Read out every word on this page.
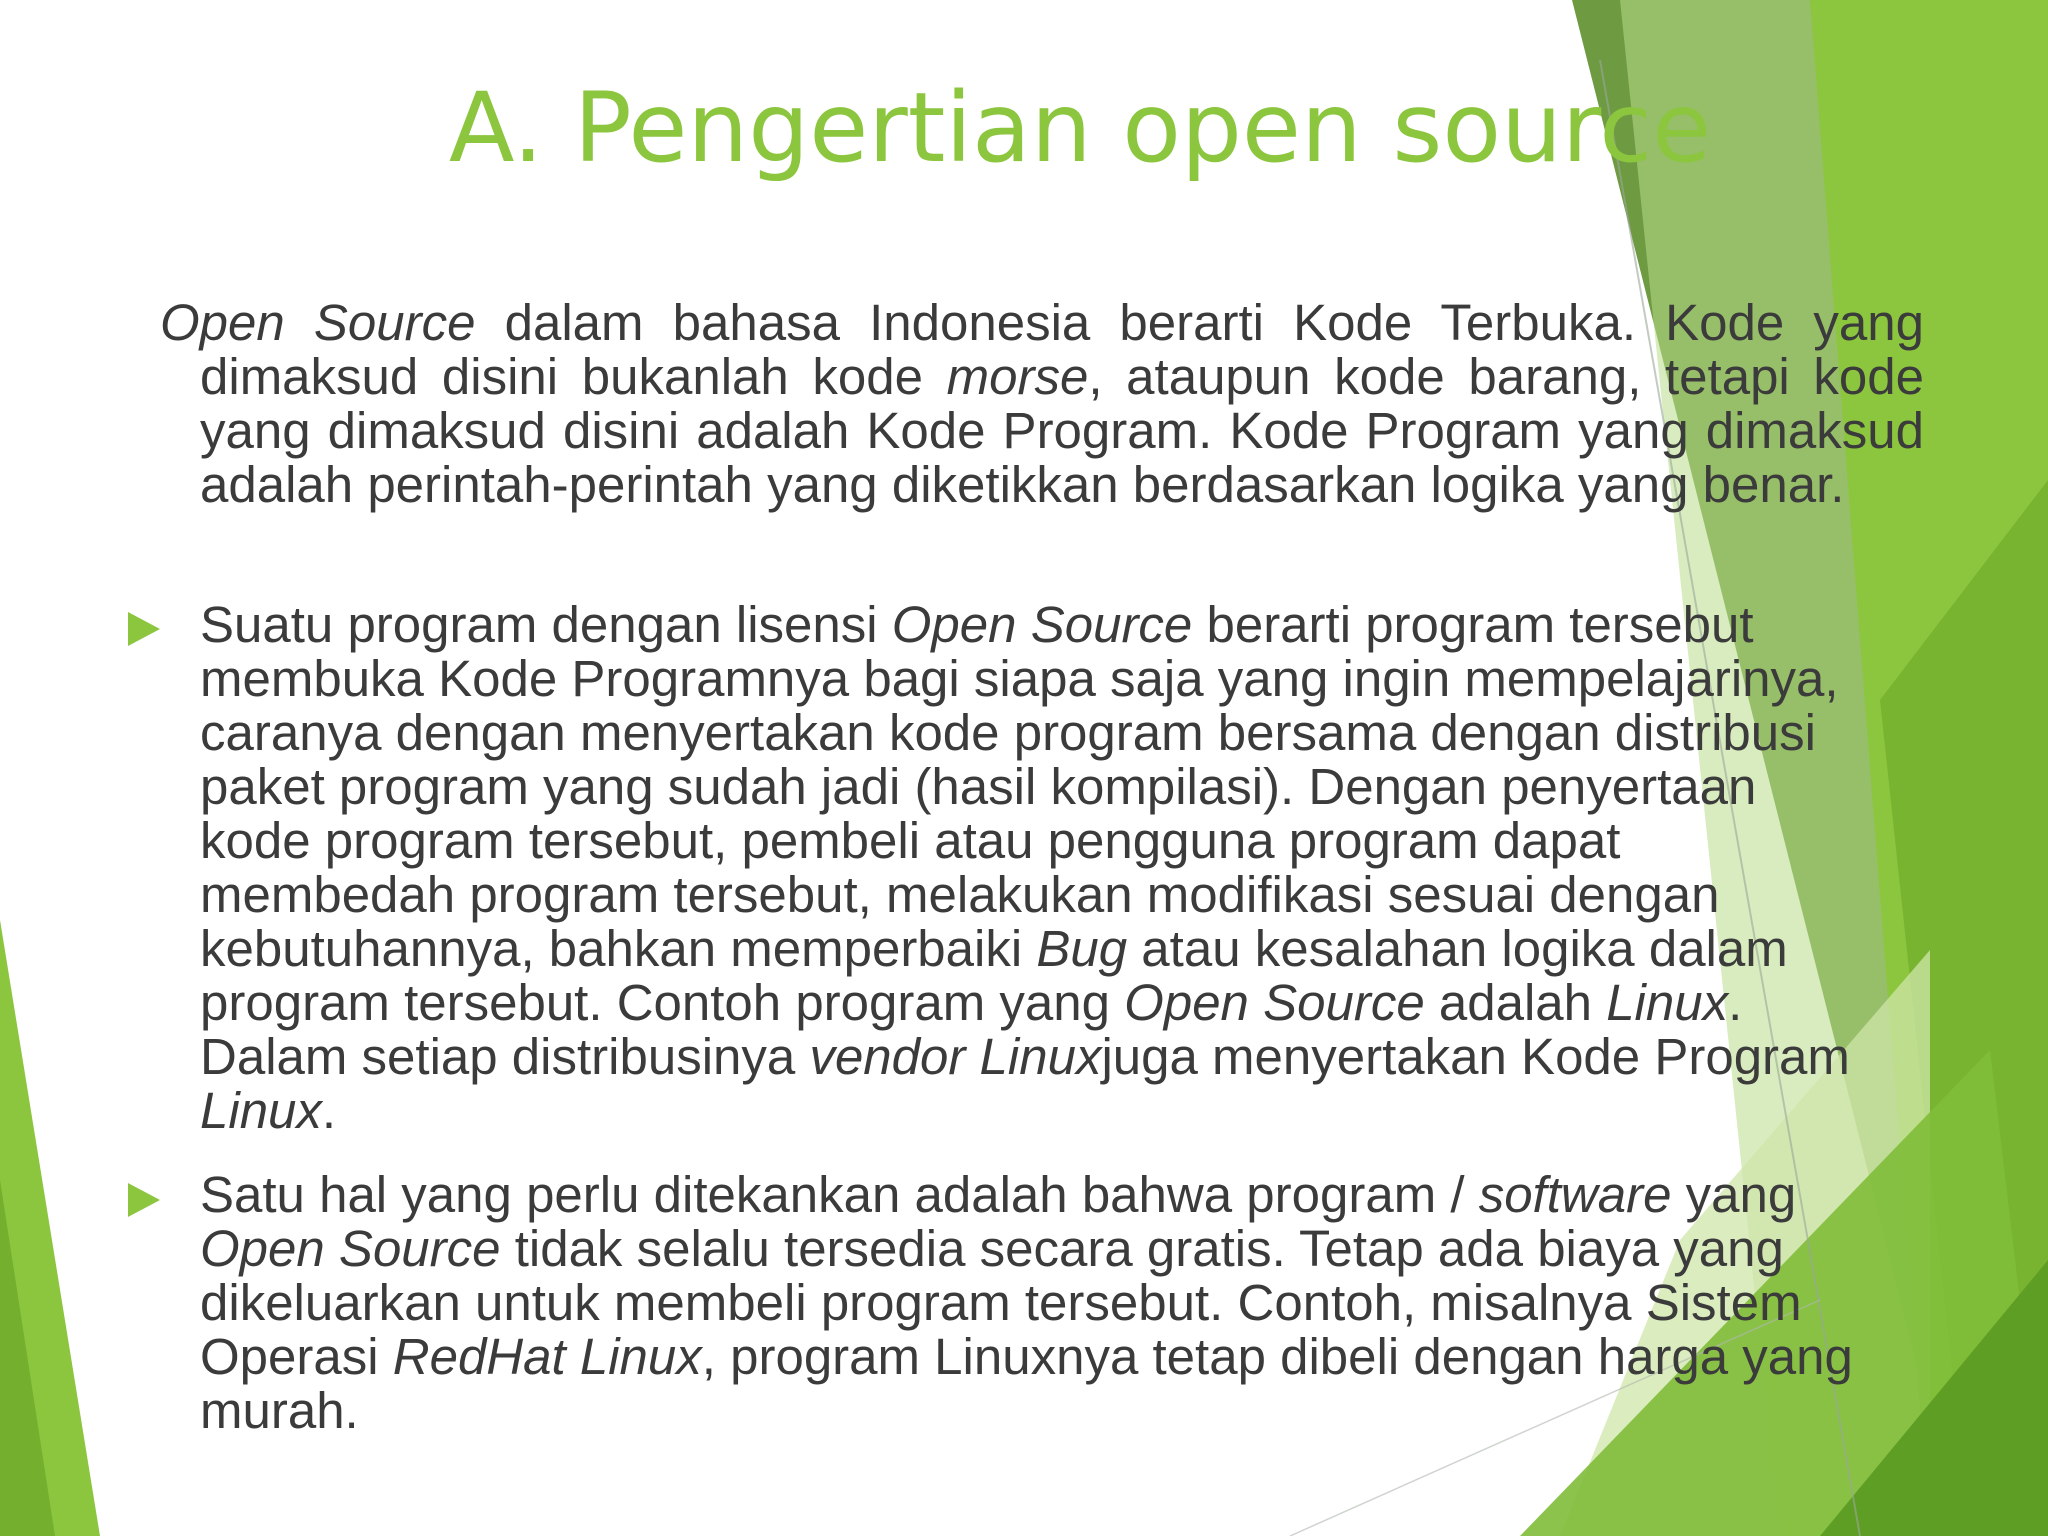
A. Pengertian open source

Open Source dalam bahasa Indonesia berarti Kode Terbuka. Kode yang dimaksud disini bukanlah kode morse, ataupun kode barang, tetapi kode yang dimaksud disini adalah Kode Program. Kode Program yang dimaksud adalah perintah-perintah yang diketikkan berdasarkan logika yang benar.

Suatu program dengan lisensi Open Source berarti program tersebut membuka Kode Programnya bagi siapa saja yang ingin mempelajarinya, caranya dengan menyertakan kode program bersama dengan distribusi paket program yang sudah jadi (hasil kompilasi). Dengan penyertaan kode program tersebut, pembeli atau pengguna program dapat membedah program tersebut, melakukan modifikasi sesuai dengan kebutuhannya, bahkan memperbaiki Bug atau kesalahan logika dalam program tersebut. Contoh program yang Open Source adalah Linux. Dalam setiap distribusinya vendor Linuxjuga menyertakan Kode Program Linux.

Satu hal yang perlu ditekankan adalah bahwa program / software yang Open Source tidak selalu tersedia secara gratis. Tetap ada biaya yang dikeluarkan untuk membeli program tersebut. Contoh, misalnya Sistem Operasi RedHat Linux, program Linuxnya tetap dibeli dengan harga yang murah.
